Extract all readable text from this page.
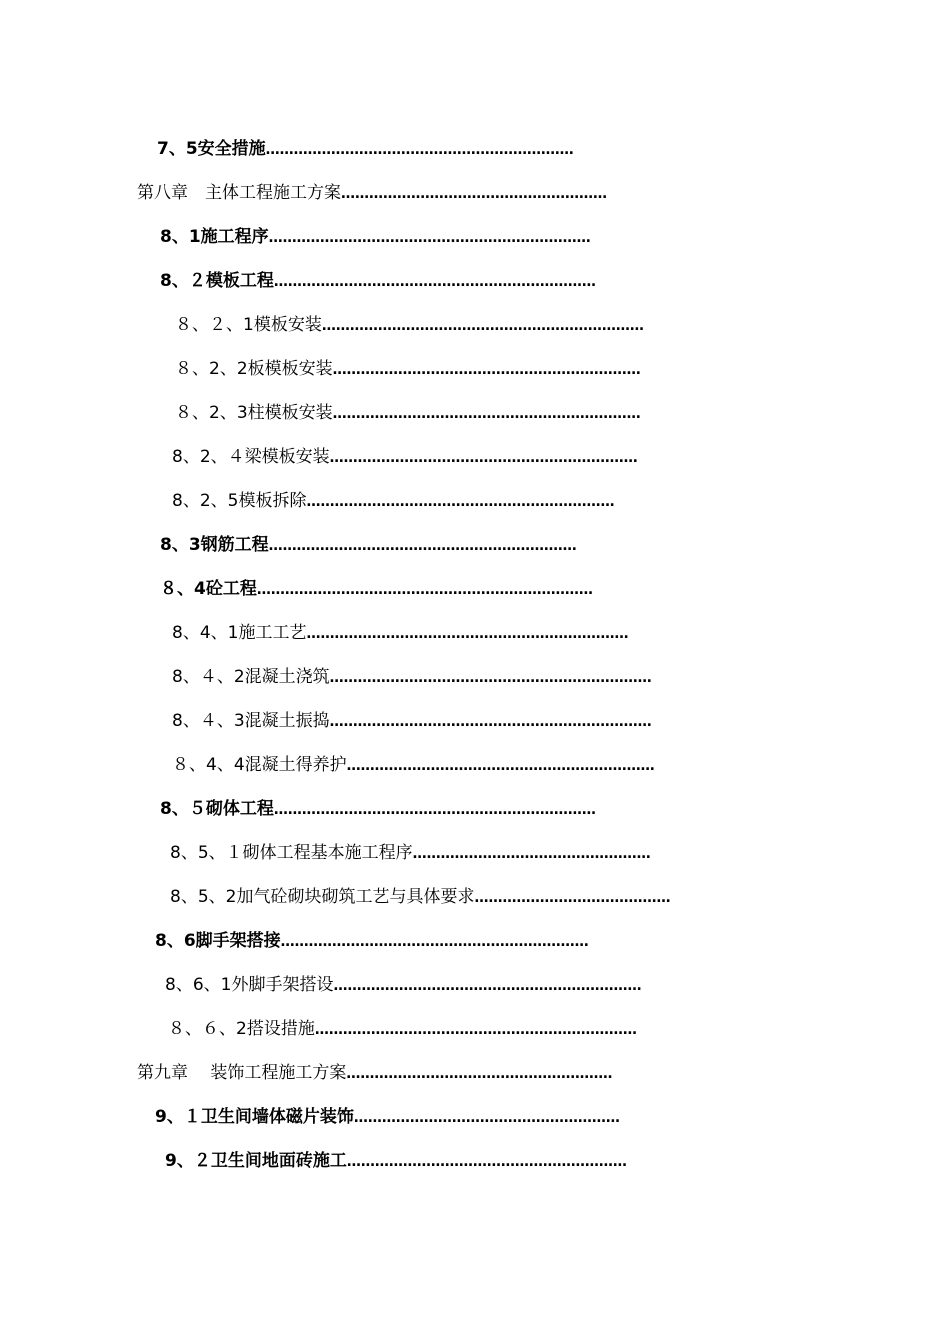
7、5安全措施…………………………………………………………
第八章　主体工程施工方案…………………………………………………
8、1施工程序……………………………………………………………
8、２模板工程……………………………………………………………
８、２、1模板安装……………………………………………………………
８、2、2板模板安装…………………………………………………………
８、2、3柱模板安装…………………………………………………………
8、2、４梁模板安装…………………………………………………………
8、2、5模板拆除…………………………………………………………
8、3钢筋工程…………………………………………………………
８、4砼工程………………………………………………………………
8、4、1施工工艺……………………………………………………………
8、４、2混凝土浇筑……………………………………………………………
8、４、3混凝土振捣……………………………………………………………
８、4、4混凝土得养护…………………………………………………………
8、５砌体工程……………………………………………………………
8、5、１砌体工程基本施工程序……………………………………………
8、5、2加气砼砌块砌筑工艺与具体要求……………………………………
8、6脚手架搭接…………………………………………………………
8、6、1外脚手架搭设…………………………………………………………
８、６、2搭设措施……………………………………………………………
第九章　 装饰工程施工方案…………………………………………………
9、１卫生间墙体磁片装饰…………………………………………………
9、２卫生间地面砖施工……………………………………………………
